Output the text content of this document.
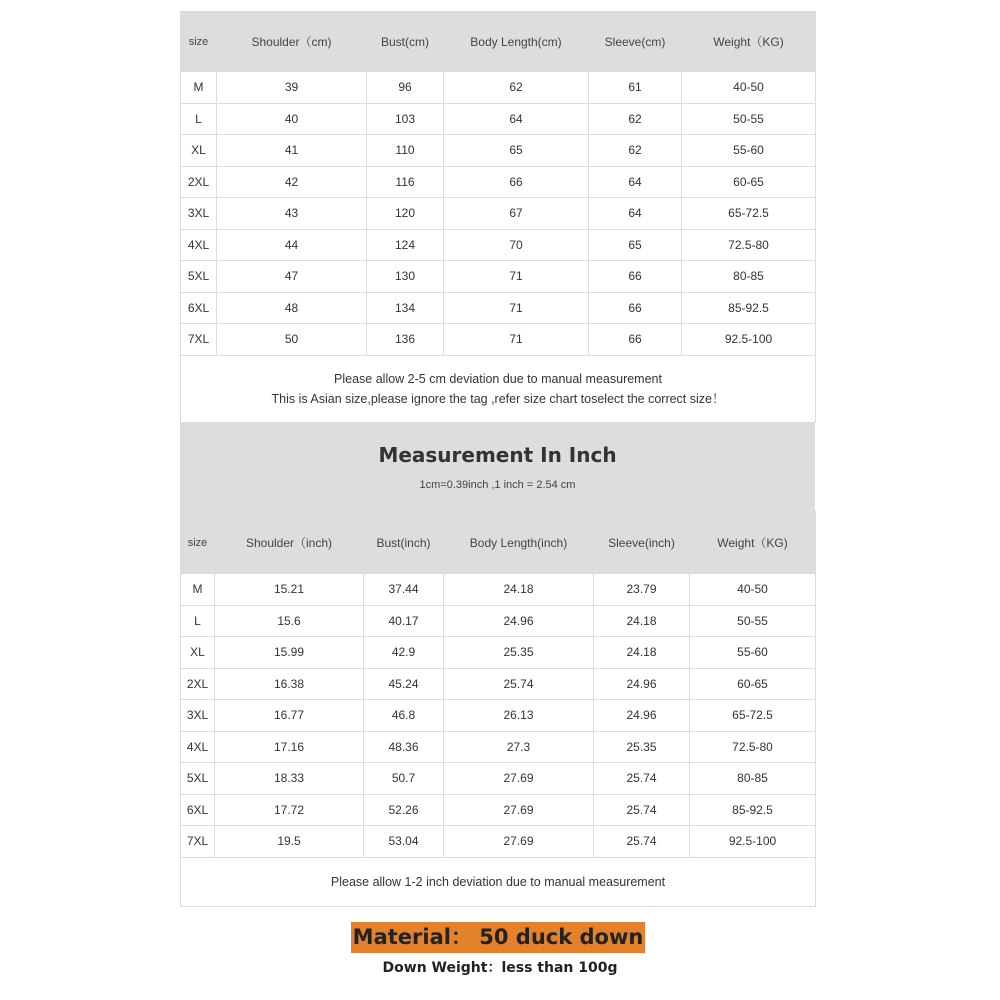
size	Shoulder（cm)	Bust(cm)	Body Length(cm)	Sleeve(cm)	Weight（KG)
M	39	96	62	61	40-50
L	40	103	64	62	50-55
XL	41	110	65	62	55-60
2XL	42	116	66	64	60-65
3XL	43	120	67	64	65-72.5
4XL	44	124	70	65	72.5-80
5XL	47	130	71	66	80-85
6XL	48	134	71	66	85-92.5
7XL	50	136	71	66	92.5-100

Please allow 2-5 cm deviation due to manual measurement
This is Asian size,please ignore the tag ,refer size chart toselect the correct size！					
Measurement In Inch
1cm=0.39inch ,1 inch = 2.54 cm
size	Shoulder（inch)	Bust(inch)	Body Length(inch)	Sleeve(inch)	Weight（KG)
M	15.21	37.44	24.18	23.79	40-50
L	15.6	40.17	24.96	24.18	50-55
XL	15.99	42.9	25.35	24.18	55-60
2XL	16.38	45.24	25.74	24.96	60-65
3XL	16.77	46.8	26.13	24.96	65-72.5
4XL	17.16	48.36	27.3	25.35	72.5-80
5XL	18.33	50.7	27.69	25.74	80-85
6XL	17.72	52.26	27.69	25.74	85-92.5
7XL	19.5	53.04	27.69	25.74	92.5-100
Please allow 1-2 inch deviation due to manual measurement					
Material： 50 duck down
Down Weight：less than 100g
